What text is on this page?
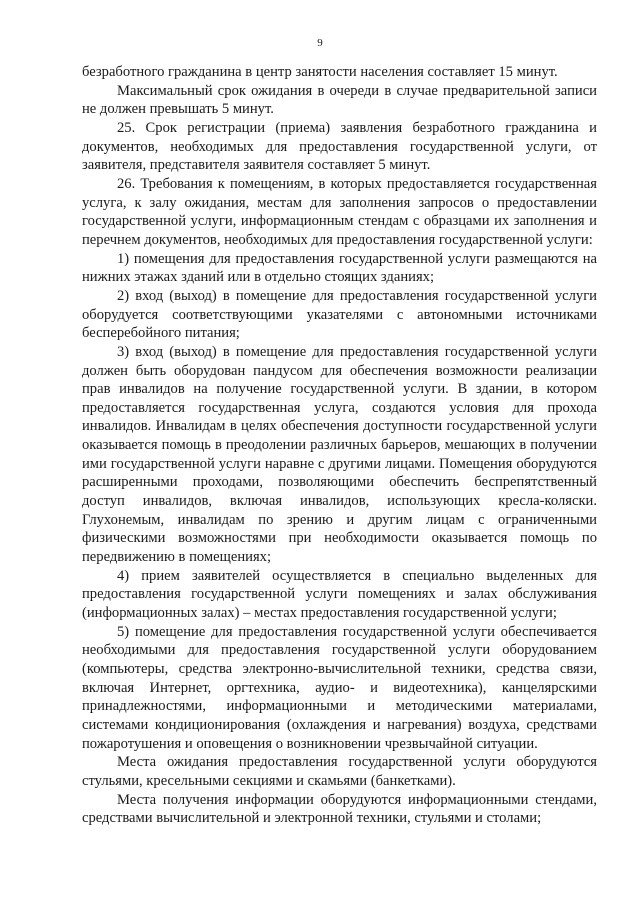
9

безработного гражданина в центр занятости населения составляет 15 минут.

Максимальный срок ожидания в очереди в случае предварительной записи не должен превышать 5 минут.

25. Срок регистрации (приема) заявления безработного гражданина и документов, необходимых для предоставления государственной услуги, от заявителя, представителя заявителя составляет 5 минут.

26. Требования к помещениям, в которых предоставляется государственная услуга, к залу ожидания, местам для заполнения запросов о предоставлении государственной услуги, информационным стендам с образцами их заполнения и перечнем документов, необходимых для предоставления государственной услуги:

1) помещения для предоставления государственной услуги размещаются на нижних этажах зданий или в отдельно стоящих зданиях;

2) вход (выход) в помещение для предоставления государственной услуги оборудуется соответствующими указателями с автономными источниками бесперебойного питания;

3) вход (выход) в помещение для предоставления государственной услуги должен быть оборудован пандусом для обеспечения возможности реализации прав инвалидов на получение государственной услуги. В здании, в котором предоставляется государственная услуга, создаются условия для прохода инвалидов. Инвалидам в целях обеспечения доступности государственной услуги оказывается помощь в преодолении различных барьеров, мешающих в получении ими государственной услуги наравне с другими лицами. Помещения оборудуются расширенными проходами, позволяющими обеспечить беспрепятственный доступ инвалидов, включая инвалидов, использующих кресла-коляски. Глухонемым, инвалидам по зрению и другим лицам с ограниченными физическими возможностями при необходимости оказывается помощь по передвижению в помещениях;

4) прием заявителей осуществляется в специально выделенных для предоставления государственной услуги помещениях и залах обслуживания (информационных залах) – местах предоставления государственной услуги;

5) помещение для предоставления государственной услуги обеспечивается необходимыми для предоставления государственной услуги оборудованием (компьютеры, средства электронно-вычислительной техники, средства связи, включая Интернет, оргтехника, аудио- и видеотехника), канцелярскими принадлежностями, информационными и методическими материалами, системами кондиционирования (охлаждения и нагревания) воздуха, средствами пожаротушения и оповещения о возникновении чрезвычайной ситуации.

Места ожидания предоставления государственной услуги оборудуются стульями, кресельными секциями и скамьями (банкетками).

Места получения информации оборудуются информационными стендами, средствами вычислительной и электронной техники, стульями и столами;
